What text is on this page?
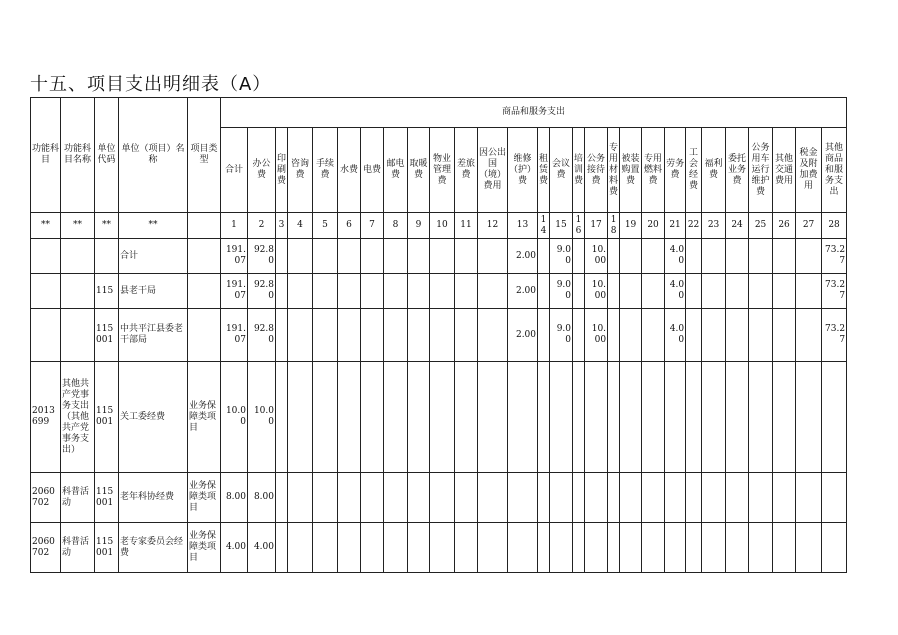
十五、项目支出明细表（A）
功能科目	功能科目名称	单位代码	单位（项目）名称	项目类型	商品和服务支出																											
					合计	办公费	印刷费	咨询费	手续费	水费	电费	邮电费	取暖费	物业管理费	差旅费	因公出国（境）费用	维修（护）费	租赁费	会议费	培训费	公务接待费	专用材料费	被装购置费	专用燃料费	劳务费	工会经费	福利费	委托业务费	公务用车运行维护费	其他交通费用	税金及附加费用	其他商品和服务支出
**	**	**	**		1	2	3	4	5	6	7	8	9	10	11	12	13	14	15	16	17	18	19	20	21	22	23	24	25	26	27	28
			合计		191.07	92.80											2.00		9.00		10.00				4.00							73.27
		115	县老干局		191.07	92.80											2.00		9.00		10.00				4.00							73.27
		115001	中共平江县委老干部局		191.07	92.80											2.00		9.00		10.00				4.00							73.27
2013699	其他共产党事务支出（其他共产党事务支出）	115001	关工委经费	业务保障类项目	10.00	10.00																										
2060702	科普活动	115001	老年科协经费	业务保障类项目	8.00	8.00																										
2060702	科普活动	115001	老专家委员会经费	业务保障类项目	4.00	4.00																										
